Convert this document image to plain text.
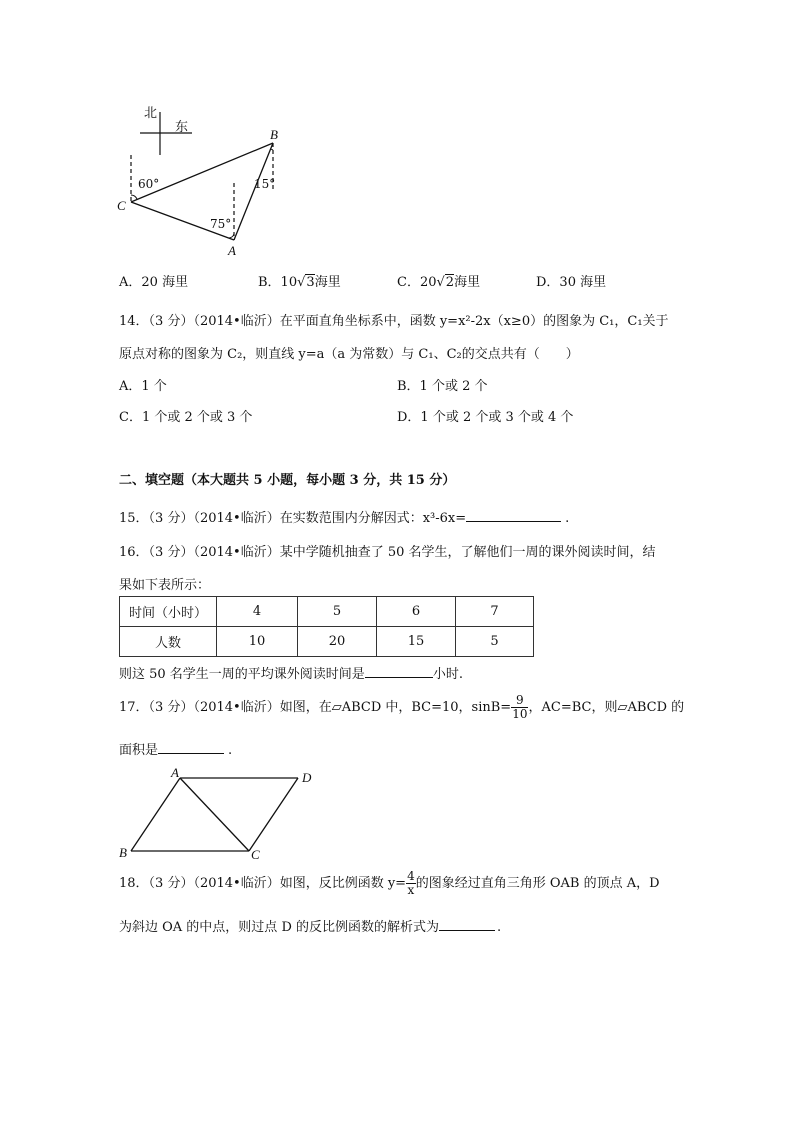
北
东	B
C
A
60°
75°
15°
A．20 海里	B．10√3海里	C．20√2海里	D．30 海里
14．（3 分）（2014•临沂）在平面直角坐标系中，函数 y=x²-2x（x≥0）的图象为 C₁，C₁关于
原点对称的图象为 C₂，则直线 y=a（a 为常数）与 C₁、C₂的交点共有（　　）
A．1 个	B．1 个或 2 个
C．1 个或 2 个或 3 个	D．1 个或 2 个或 3 个或 4 个
二、填空题（本大题共 5 小题，每小题 3 分，共 15 分）
15．（3 分）（2014•临沂）在实数范围内分解因式：x³-6x=	.
16．（3 分）（2014•临沂）某中学随机抽查了 50 名学生，了解他们一周的课外阅读时间，结
果如下表所示：
时间（小时）	4	5	6	7
人数	10	20	15	5
则这 50 名学生一周的平均课外阅读时间是	小时.
17．（3 分）（2014•临沂）如图，在▱ABCD 中，BC=10，$\sin B= \frac{9}{10}$ ，AC=BC，则▱ABCD 的
面积是	.
A	D
B	C
18．（3 分）（2014•临沂）如图，反比例函数 $y= \frac{4}{x}$ 的图象经过直角三角形 OAB 的顶点 A，D
为斜边 OA 的中点，则过点 D 的反比例函数的解析式为	.
